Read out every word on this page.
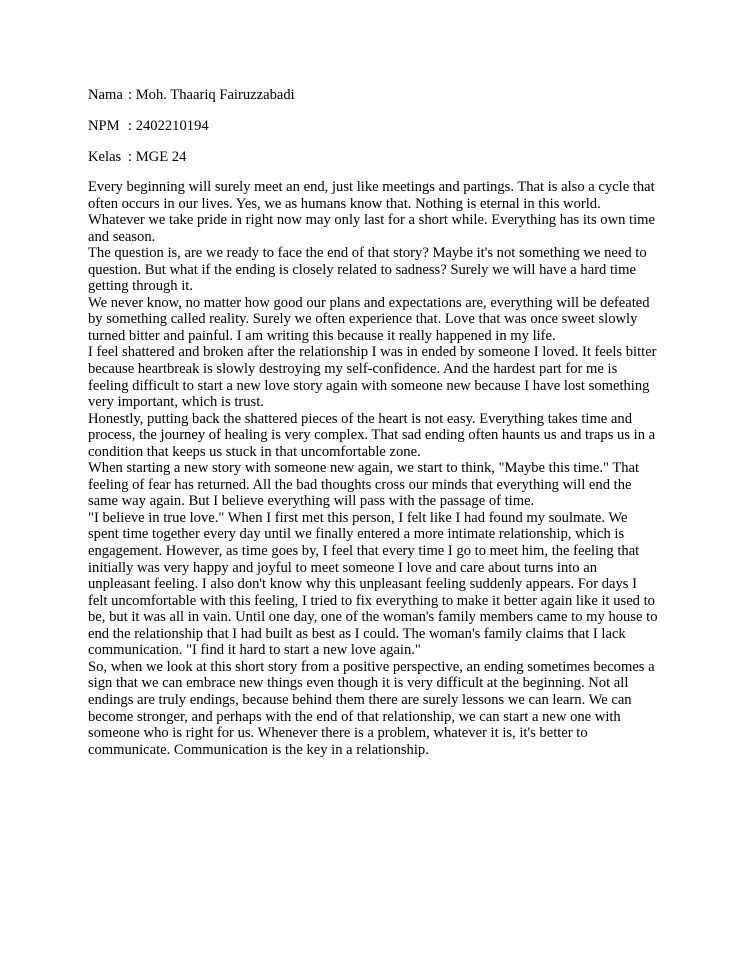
Nama : Moh. Thaariq Fairuzzabadi
NPM : 2402210194
Kelas : MGE 24

Every beginning will surely meet an end, just like meetings and partings. That is also a cycle that often occurs in our lives. Yes, we as humans know that. Nothing is eternal in this world. Whatever we take pride in right now may only last for a short while. Everything has its own time and season.

The question is, are we ready to face the end of that story? Maybe it's not something we need to question. But what if the ending is closely related to sadness? Surely we will have a hard time getting through it.

We never know, no matter how good our plans and expectations are, everything will be defeated by something called reality. Surely we often experience that. Love that was once sweet slowly turned bitter and painful. I am writing this because it really happened in my life.

I feel shattered and broken after the relationship I was in ended by someone I loved. It feels bitter because heartbreak is slowly destroying my self-confidence. And the hardest part for me is feeling difficult to start a new love story again with someone new because I have lost something very important, which is trust.

Honestly, putting back the shattered pieces of the heart is not easy. Everything takes time and process, the journey of healing is very complex. That sad ending often haunts us and traps us in a condition that keeps us stuck in that uncomfortable zone.

When starting a new story with someone new again, we start to think, "Maybe this time." That feeling of fear has returned. All the bad thoughts cross our minds that everything will end the same way again. But I believe everything will pass with the passage of time.

"I believe in true love." When I first met this person, I felt like I had found my soulmate. We spent time together every day until we finally entered a more intimate relationship, which is engagement. However, as time goes by, I feel that every time I go to meet him, the feeling that initially was very happy and joyful to meet someone I love and care about turns into an unpleasant feeling. I also don't know why this unpleasant feeling suddenly appears. For days I felt uncomfortable with this feeling, I tried to fix everything to make it better again like it used to be, but it was all in vain. Until one day, one of the woman's family members came to my house to end the relationship that I had built as best as I could. The woman's family claims that I lack communication. "I find it hard to start a new love again."

So, when we look at this short story from a positive perspective, an ending sometimes becomes a sign that we can embrace new things even though it is very difficult at the beginning. Not all endings are truly endings, because behind them there are surely lessons we can learn. We can become stronger, and perhaps with the end of that relationship, we can start a new one with someone who is right for us. Whenever there is a problem, whatever it is, it's better to communicate. Communication is the key in a relationship.
